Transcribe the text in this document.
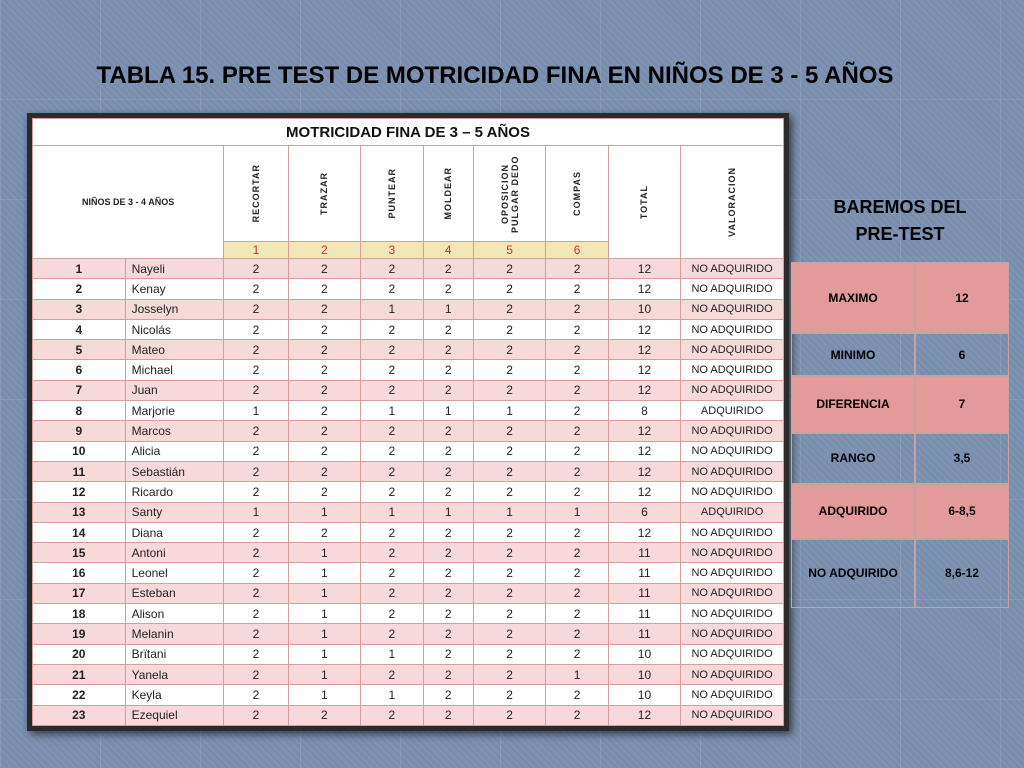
TABLA 15. PRE TEST DE MOTRICIDAD FINA EN NIÑOS DE 3 - 5 AÑOS
MOTRICIDAD FINA DE 3 – 5 AÑOS									
NIÑOS DE 3 - 4 AÑOS		RECORTAR	TRAZAR	PUNTEAR	MOLDEAR	OPOSICION PULGAR DEDO	COMPAS	TOTAL	VALORACION

		1	2	3	4	5	6		
1	Nayeli	2	2	2	2	2	2	12	NO ADQUIRIDO
2	Kenay	2	2	2	2	2	2	12	NO ADQUIRIDO
3	Josselyn	2	2	1	1	2	2	10	NO ADQUIRIDO
4	Nicolás	2	2	2	2	2	2	12	NO ADQUIRIDO
5	Mateo	2	2	2	2	2	2	12	NO ADQUIRIDO
6	Michael	2	2	2	2	2	2	12	NO ADQUIRIDO
7	Juan	2	2	2	2	2	2	12	NO ADQUIRIDO
8	Marjorie	1	2	1	1	1	2	8	ADQUIRIDO
9	Marcos	2	2	2	2	2	2	12	NO ADQUIRIDO
10	Alicia	2	2	2	2	2	2	12	NO ADQUIRIDO
11	Sebastián	2	2	2	2	2	2	12	NO ADQUIRIDO
12	Ricardo	2	2	2	2	2	2	12	NO ADQUIRIDO
13	Santy	1	1	1	1	1	1	6	ADQUIRIDO
14	Diana	2	2	2	2	2	2	12	NO ADQUIRIDO
15	Antoni	2	1	2	2	2	2	11	NO ADQUIRIDO
16	Leonel	2	1	2	2	2	2	11	NO ADQUIRIDO
17	Esteban	2	1	2	2	2	2	11	NO ADQUIRIDO
18	Alison	2	1	2	2	2	2	11	NO ADQUIRIDO
19	Melanin	2	1	2	2	2	2	11	NO ADQUIRIDO
20	Brïtani	2	1	1	2	2	2	10	NO ADQUIRIDO
21	Yanela	2	1	2	2	2	1	10	NO ADQUIRIDO
22	Keyla	2	1	1	2	2	2	10	NO ADQUIRIDO
23	Ezequiel	2	2	2	2	2	2	12	NO ADQUIRIDO
BAREMOS DEL
PRE-TEST
MAXIMO	12
MINIMO	6
DIFERENCIA	7
RANGO	3,5
ADQUIRIDO	6-8,5
NO ADQUIRIDO	8,6-12
